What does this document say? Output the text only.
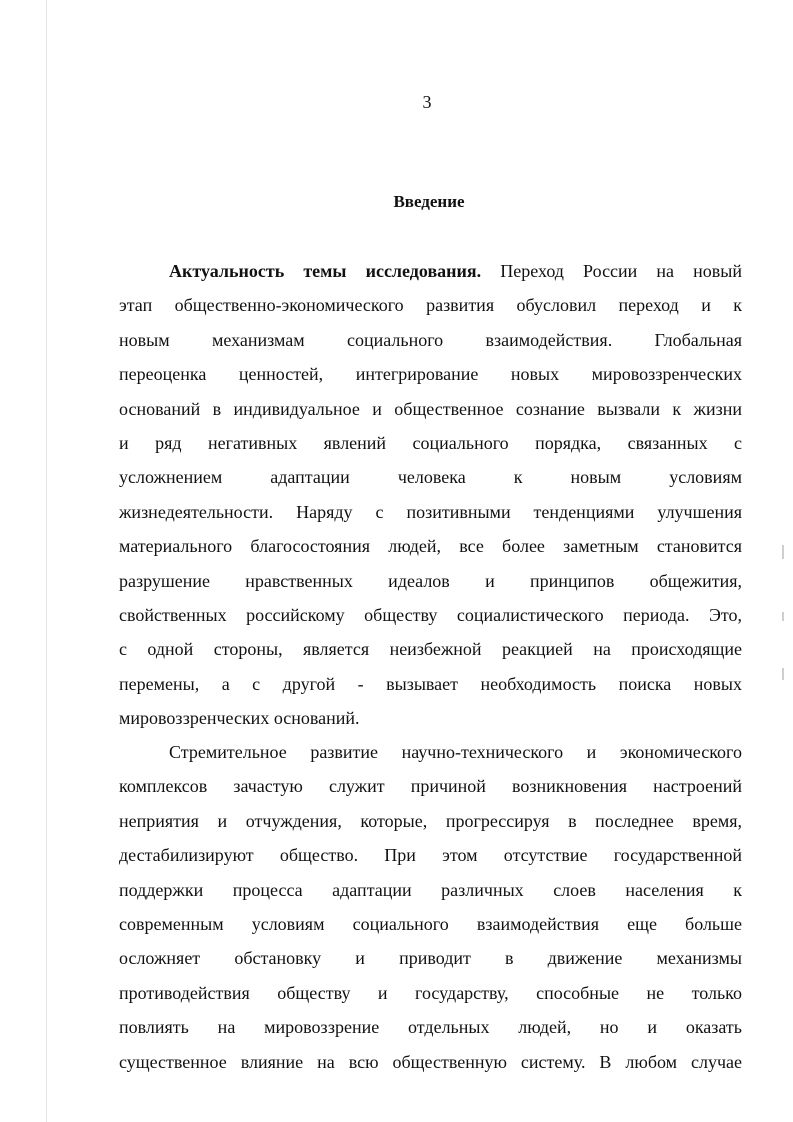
3
Введение
Актуальность темы исследования. Переход России на новый
этап общественно-экономического развития обусловил переход и к
новым механизмам социального взаимодействия. Глобальная
переоценка ценностей, интегрирование новых мировоззренческих
оснований в индивидуальное и общественное сознание вызвали к жизни
и ряд негативных явлений социального порядка, связанных с
усложнением адаптации человека к новым условиям
жизнедеятельности. Наряду с позитивными тенденциями улучшения
материального благосостояния людей, все более заметным становится
разрушение нравственных идеалов и принципов общежития,
свойственных российскому обществу социалистического периода. Это,
с одной стороны, является неизбежной реакцией на происходящие
перемены, а с другой - вызывает необходимость поиска новых
мировоззренческих оснований.
Стремительное развитие научно-технического и экономического
комплексов зачастую служит причиной возникновения настроений
неприятия и отчуждения, которые, прогрессируя в последнее время,
дестабилизируют общество. При этом отсутствие государственной
поддержки процесса адаптации различных слоев населения к
современным условиям социального взаимодействия еще больше
осложняет обстановку и приводит в движение механизмы
противодействия обществу и государству, способные не только
повлиять на мировоззрение отдельных людей, но и оказать
существенное влияние на всю общественную систему. В любом случае
